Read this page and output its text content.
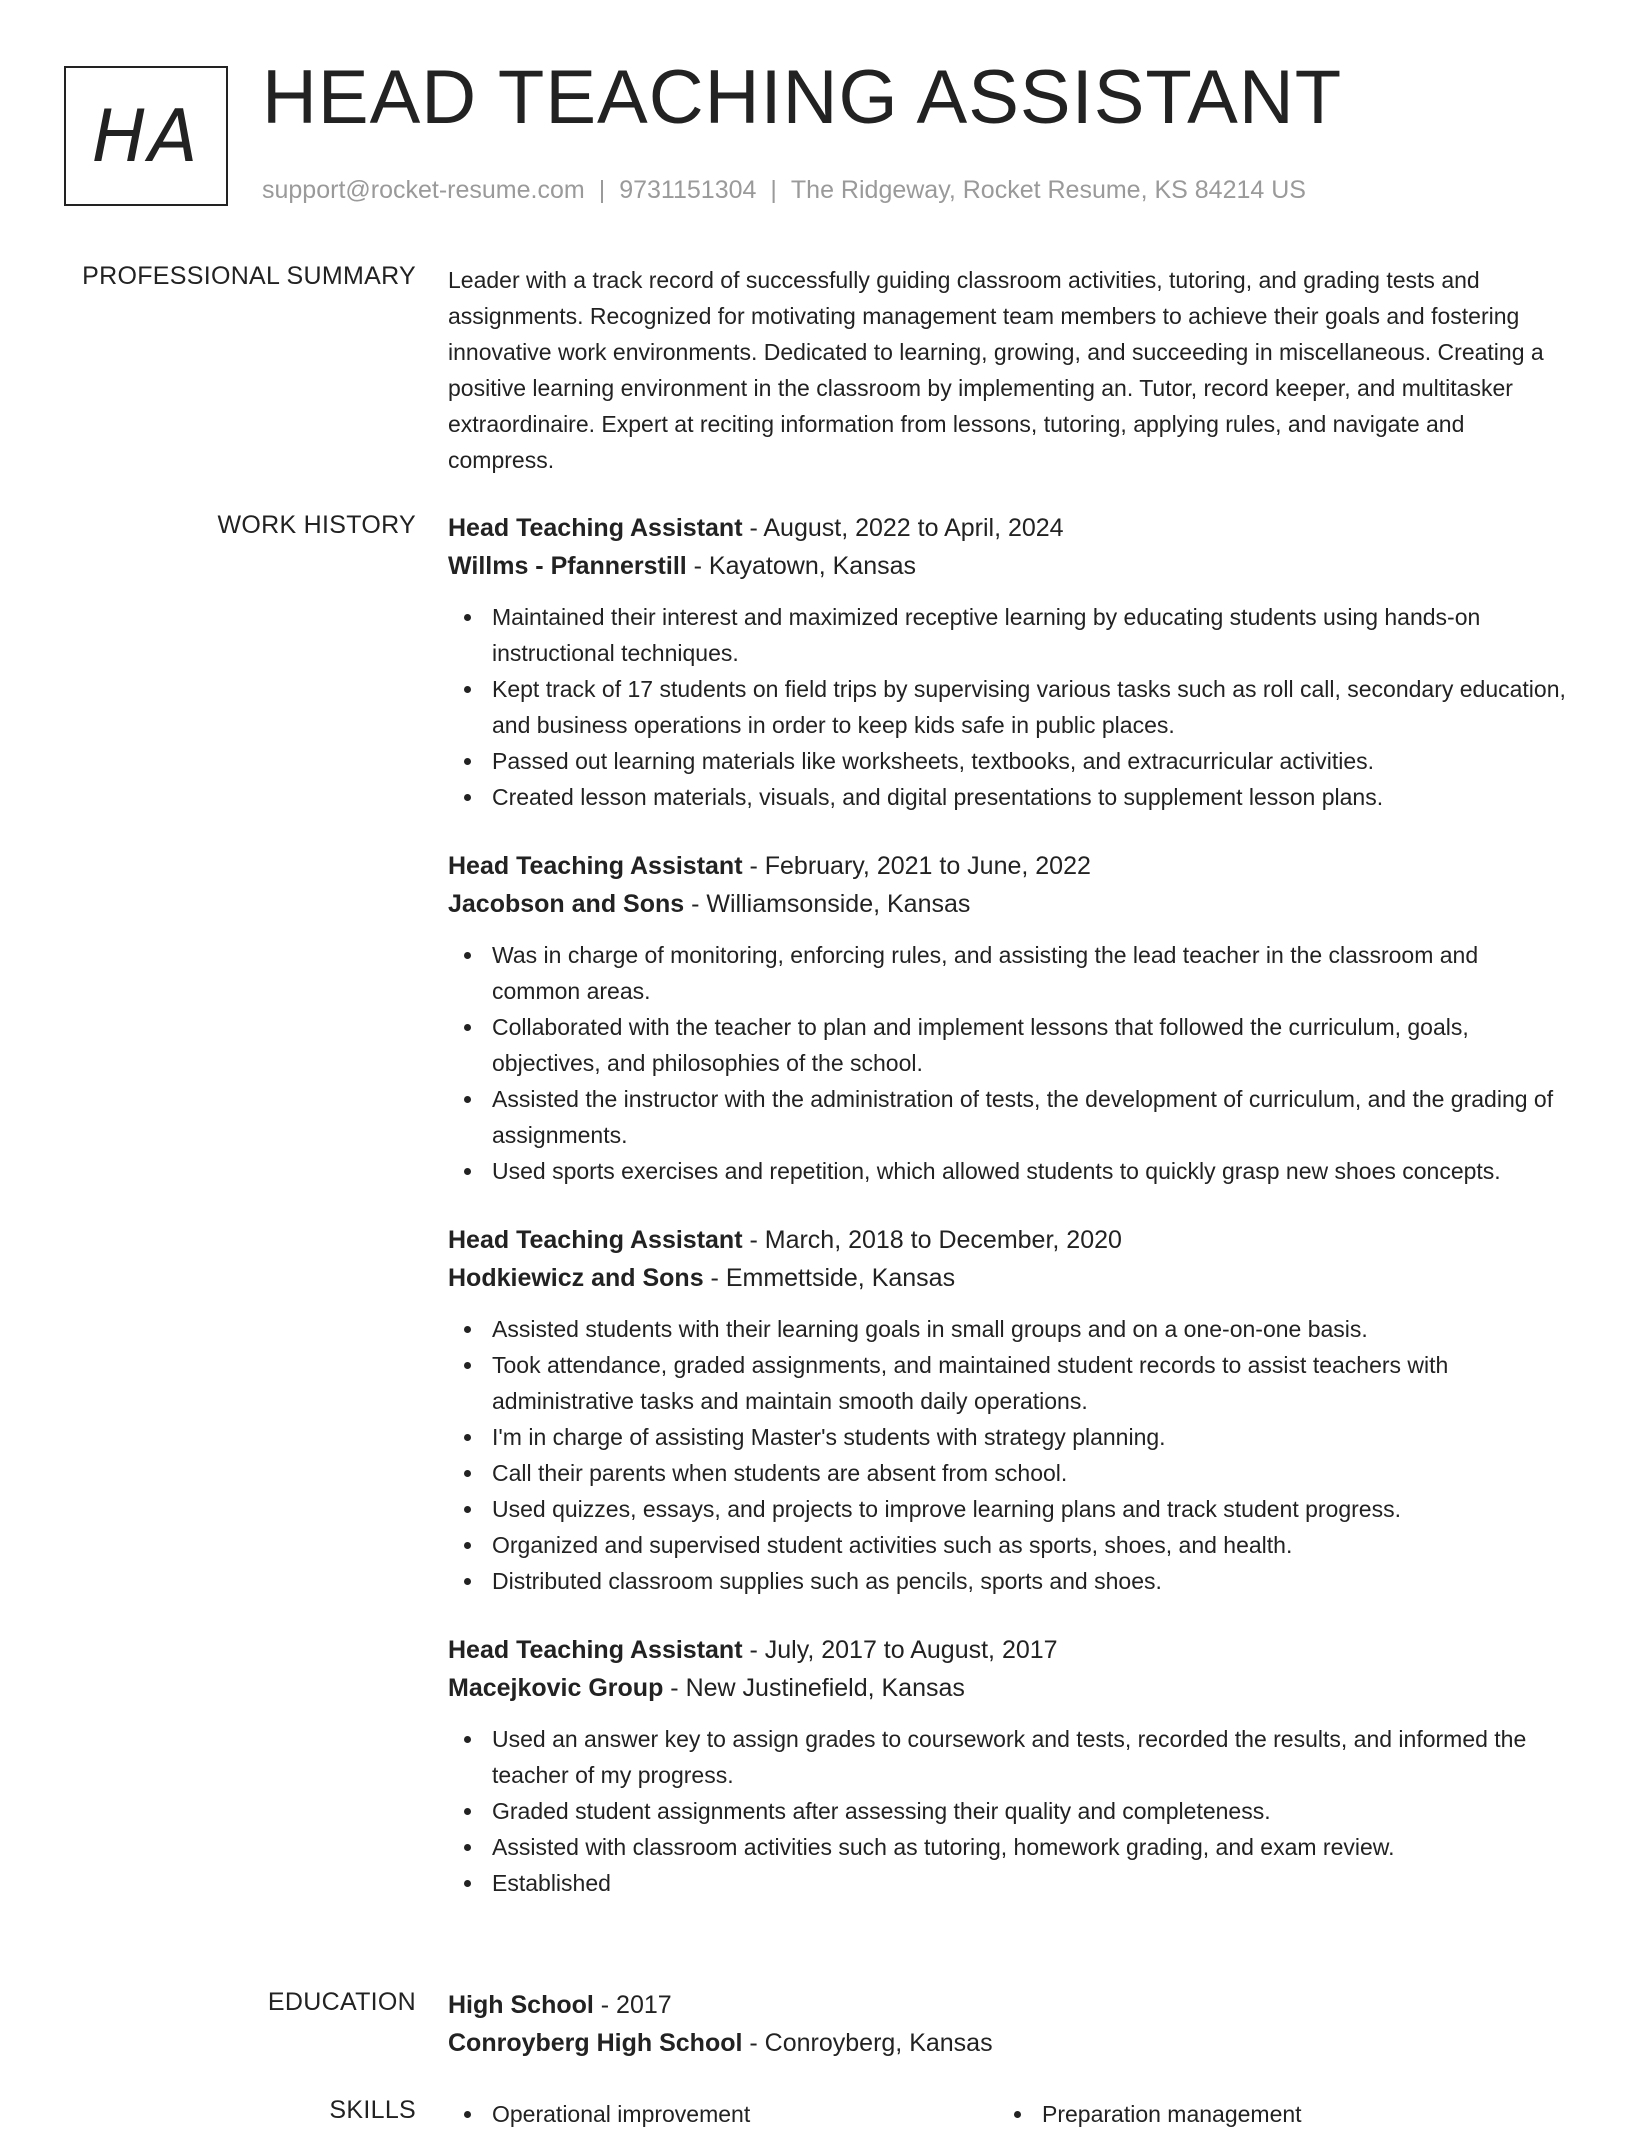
HA HEAD TEACHING ASSISTANT
support@rocket-resume.com | 9731151304 | The Ridgeway, Rocket Resume, KS 84214 US
PROFESSIONAL SUMMARY Leader with a track record of successfully guiding classroom activities, tutoring, and grading tests and assignments. Recognized for motivating management team members to achieve their goals and fostering innovative work environments. Dedicated to learning, growing, and succeeding in miscellaneous. Creating a positive learning environment in the classroom by implementing an. Tutor, record keeper, and multitasker extraordinaire. Expert at reciting information from lessons, tutoring, applying rules, and navigate and compress.
WORK HISTORY Head Teaching Assistant - August, 2022 to April, 2024
Willms - Pfannerstill - Kayatown, Kansas
Maintained their interest and maximized receptive learning by educating students using hands-on instructional techniques.
Kept track of 17 students on field trips by supervising various tasks such as roll call, secondary education, and business operations in order to keep kids safe in public places.
Passed out learning materials like worksheets, textbooks, and extracurricular activities.
Created lesson materials, visuals, and digital presentations to supplement lesson plans.
Head Teaching Assistant - February, 2021 to June, 2022
Jacobson and Sons - Williamsonside, Kansas
Was in charge of monitoring, enforcing rules, and assisting the lead teacher in the classroom and common areas.
Collaborated with the teacher to plan and implement lessons that followed the curriculum, goals, objectives, and philosophies of the school.
Assisted the instructor with the administration of tests, the development of curriculum, and the grading of assignments.
Used sports exercises and repetition, which allowed students to quickly grasp new shoes concepts.
Head Teaching Assistant - March, 2018 to December, 2020
Hodkiewicz and Sons - Emmettside, Kansas
Assisted students with their learning goals in small groups and on a one-on-one basis.
Took attendance, graded assignments, and maintained student records to assist teachers with administrative tasks and maintain smooth daily operations.
I'm in charge of assisting Master's students with strategy planning.
Call their parents when students are absent from school.
Used quizzes, essays, and projects to improve learning plans and track student progress.
Organized and supervised student activities such as sports, shoes, and health.
Distributed classroom supplies such as pencils, sports and shoes.
Head Teaching Assistant - July, 2017 to August, 2017
Macejkovic Group - New Justinefield, Kansas
Used an answer key to assign grades to coursework and tests, recorded the results, and informed the teacher of my progress.
Graded student assignments after assessing their quality and completeness.
Assisted with classroom activities such as tutoring, homework grading, and exam review.
Established
EDUCATION High School - 2017
Conroyberg High School - Conroyberg, Kansas
SKILLS	Operational improvement	Preparation management
